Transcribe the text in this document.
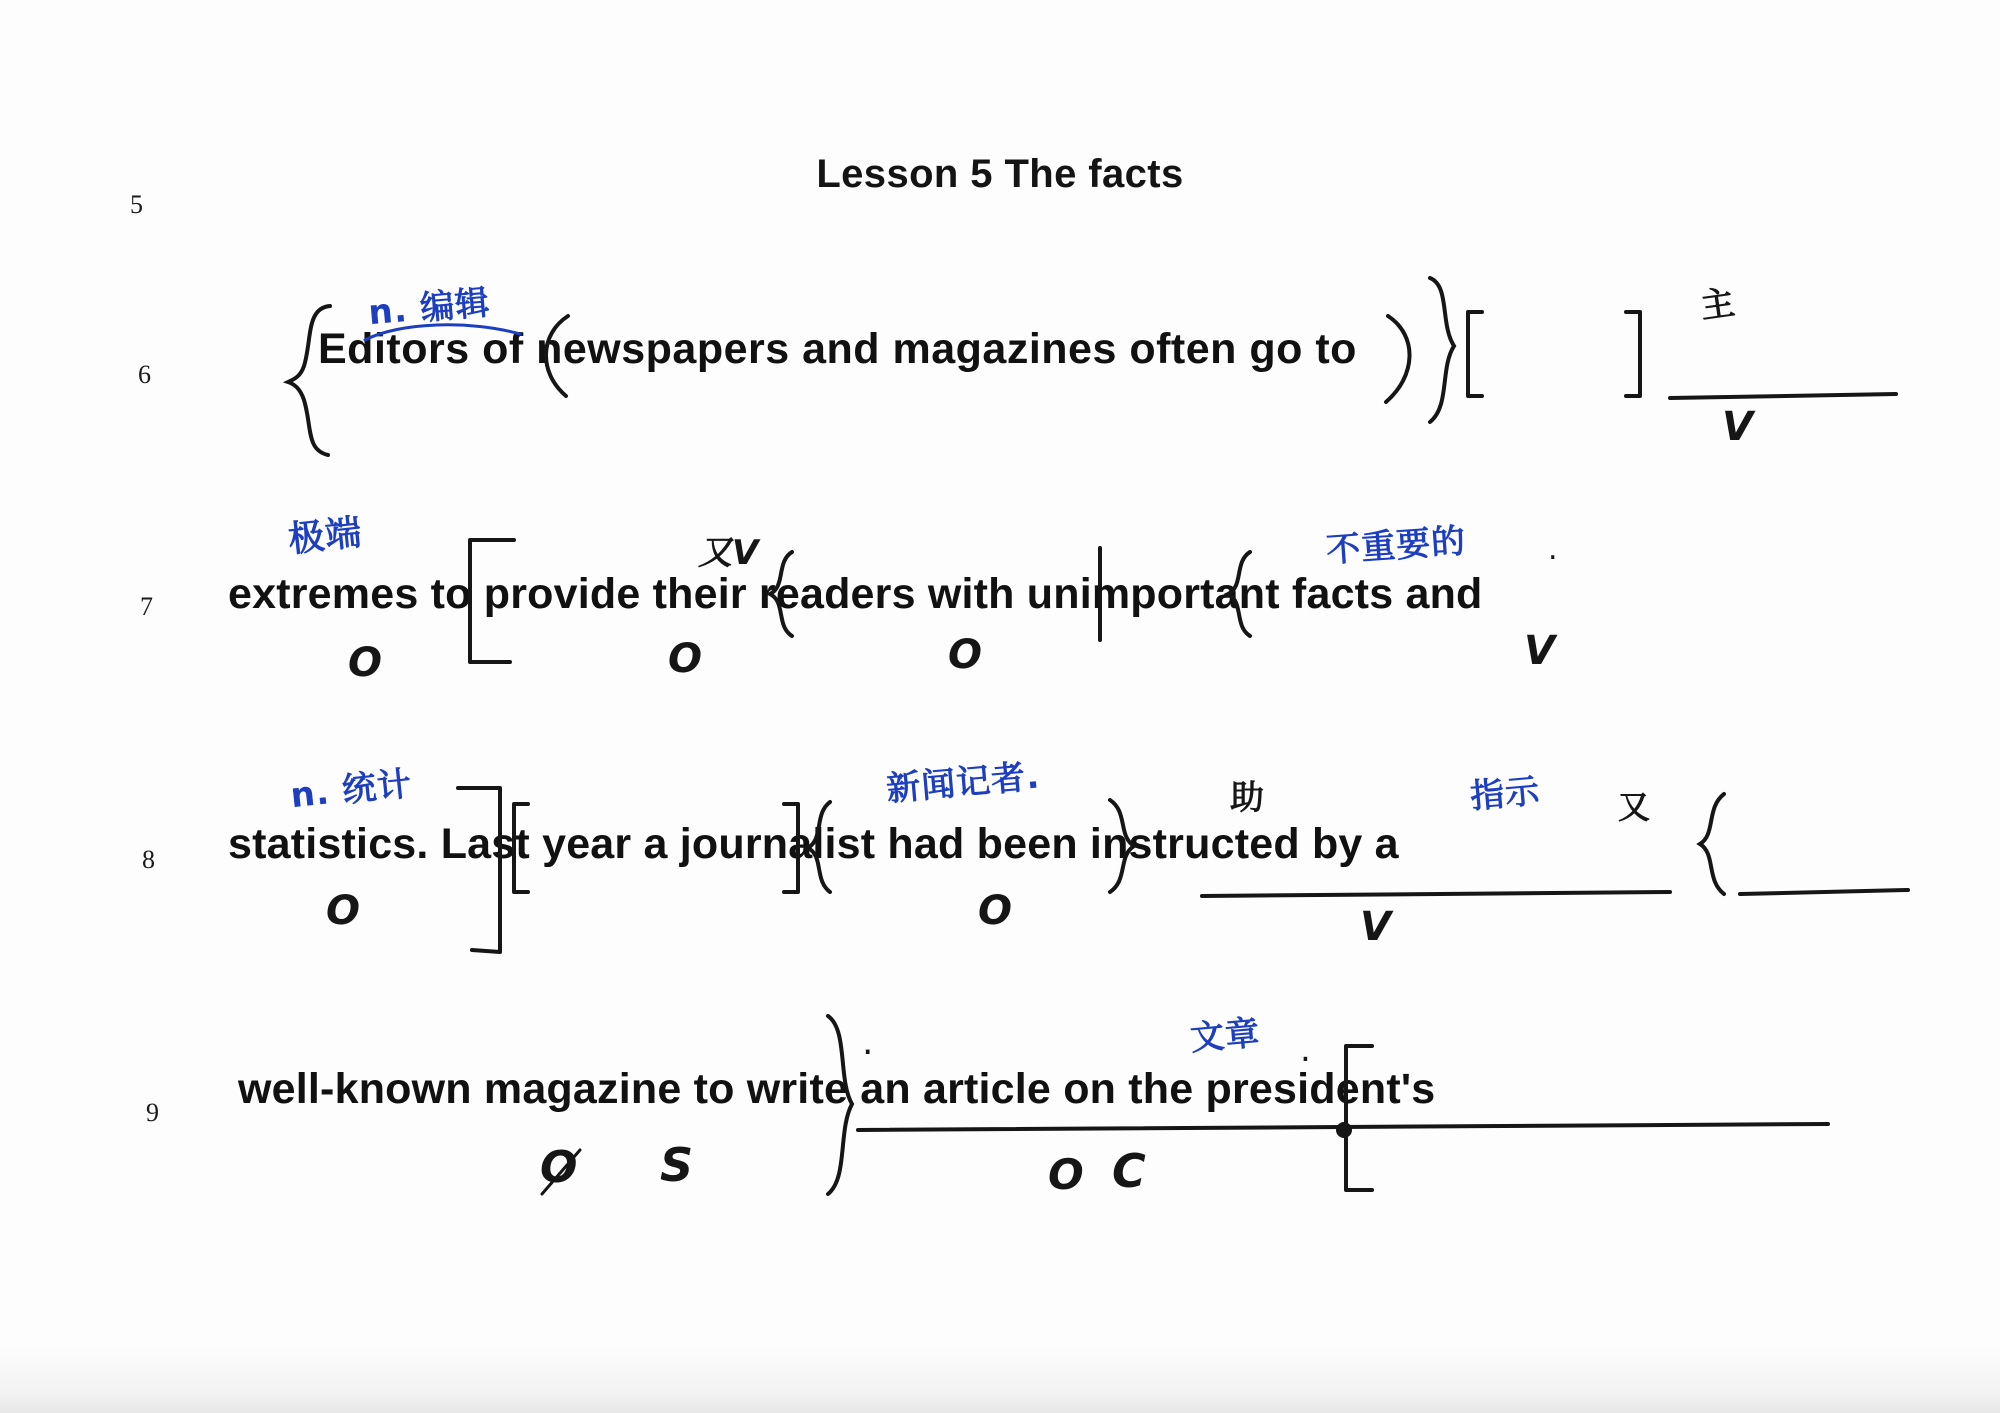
Lesson 5 The facts
5
6
7
8
9
Editors of newspapers and magazines often go to
n. 编辑	主
V
extremes to provide their readers with unimportant facts and
极端
O
又V
O	O
不重要的	.
V
statistics. Last year a journalist had been instructed by a
n. 统计
O
新闻记者.
O
助	指示 又
V
well-known magazine to write an article on the president's
.
O S
文章 .
O C
